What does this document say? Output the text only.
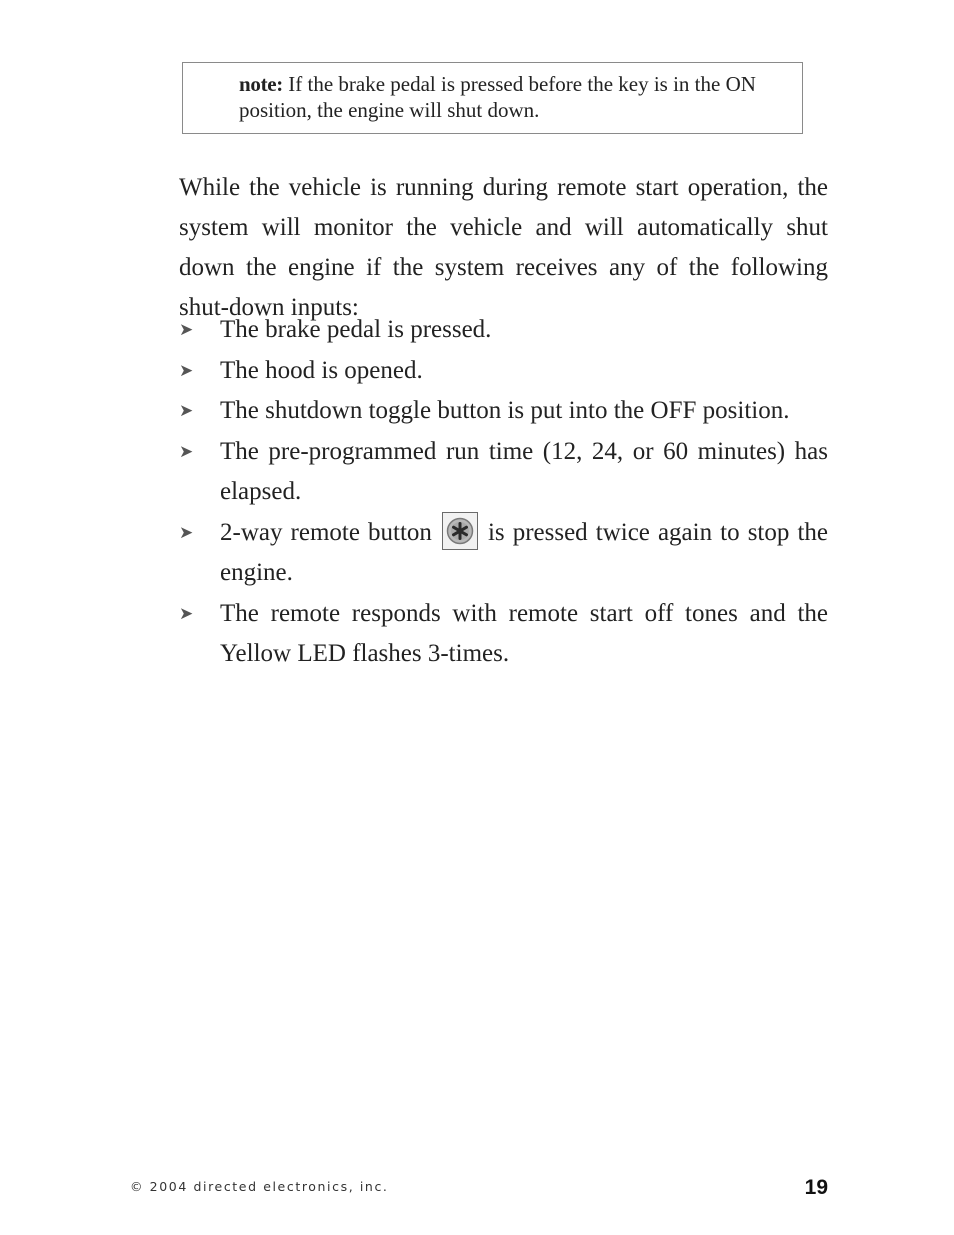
note: If the brake pedal is pressed before the key is in the ON position, the engine will shut down.

While the vehicle is running during remote start operation, the system will monitor the vehicle and will automatically shut down the engine if the system receives any of the following shut-down inputs:

➤ The brake pedal is pressed.
➤ The hood is opened.
➤ The shutdown toggle button is put into the OFF position.
➤ The pre-programmed run time (12, 24, or 60 minutes) has elapsed.
➤ 2-way remote button is pressed twice again to stop the engine.
➤ The remote responds with remote start off tones and the Yellow LED flashes 3-times.
© 2004 directed electronics, inc.	19
